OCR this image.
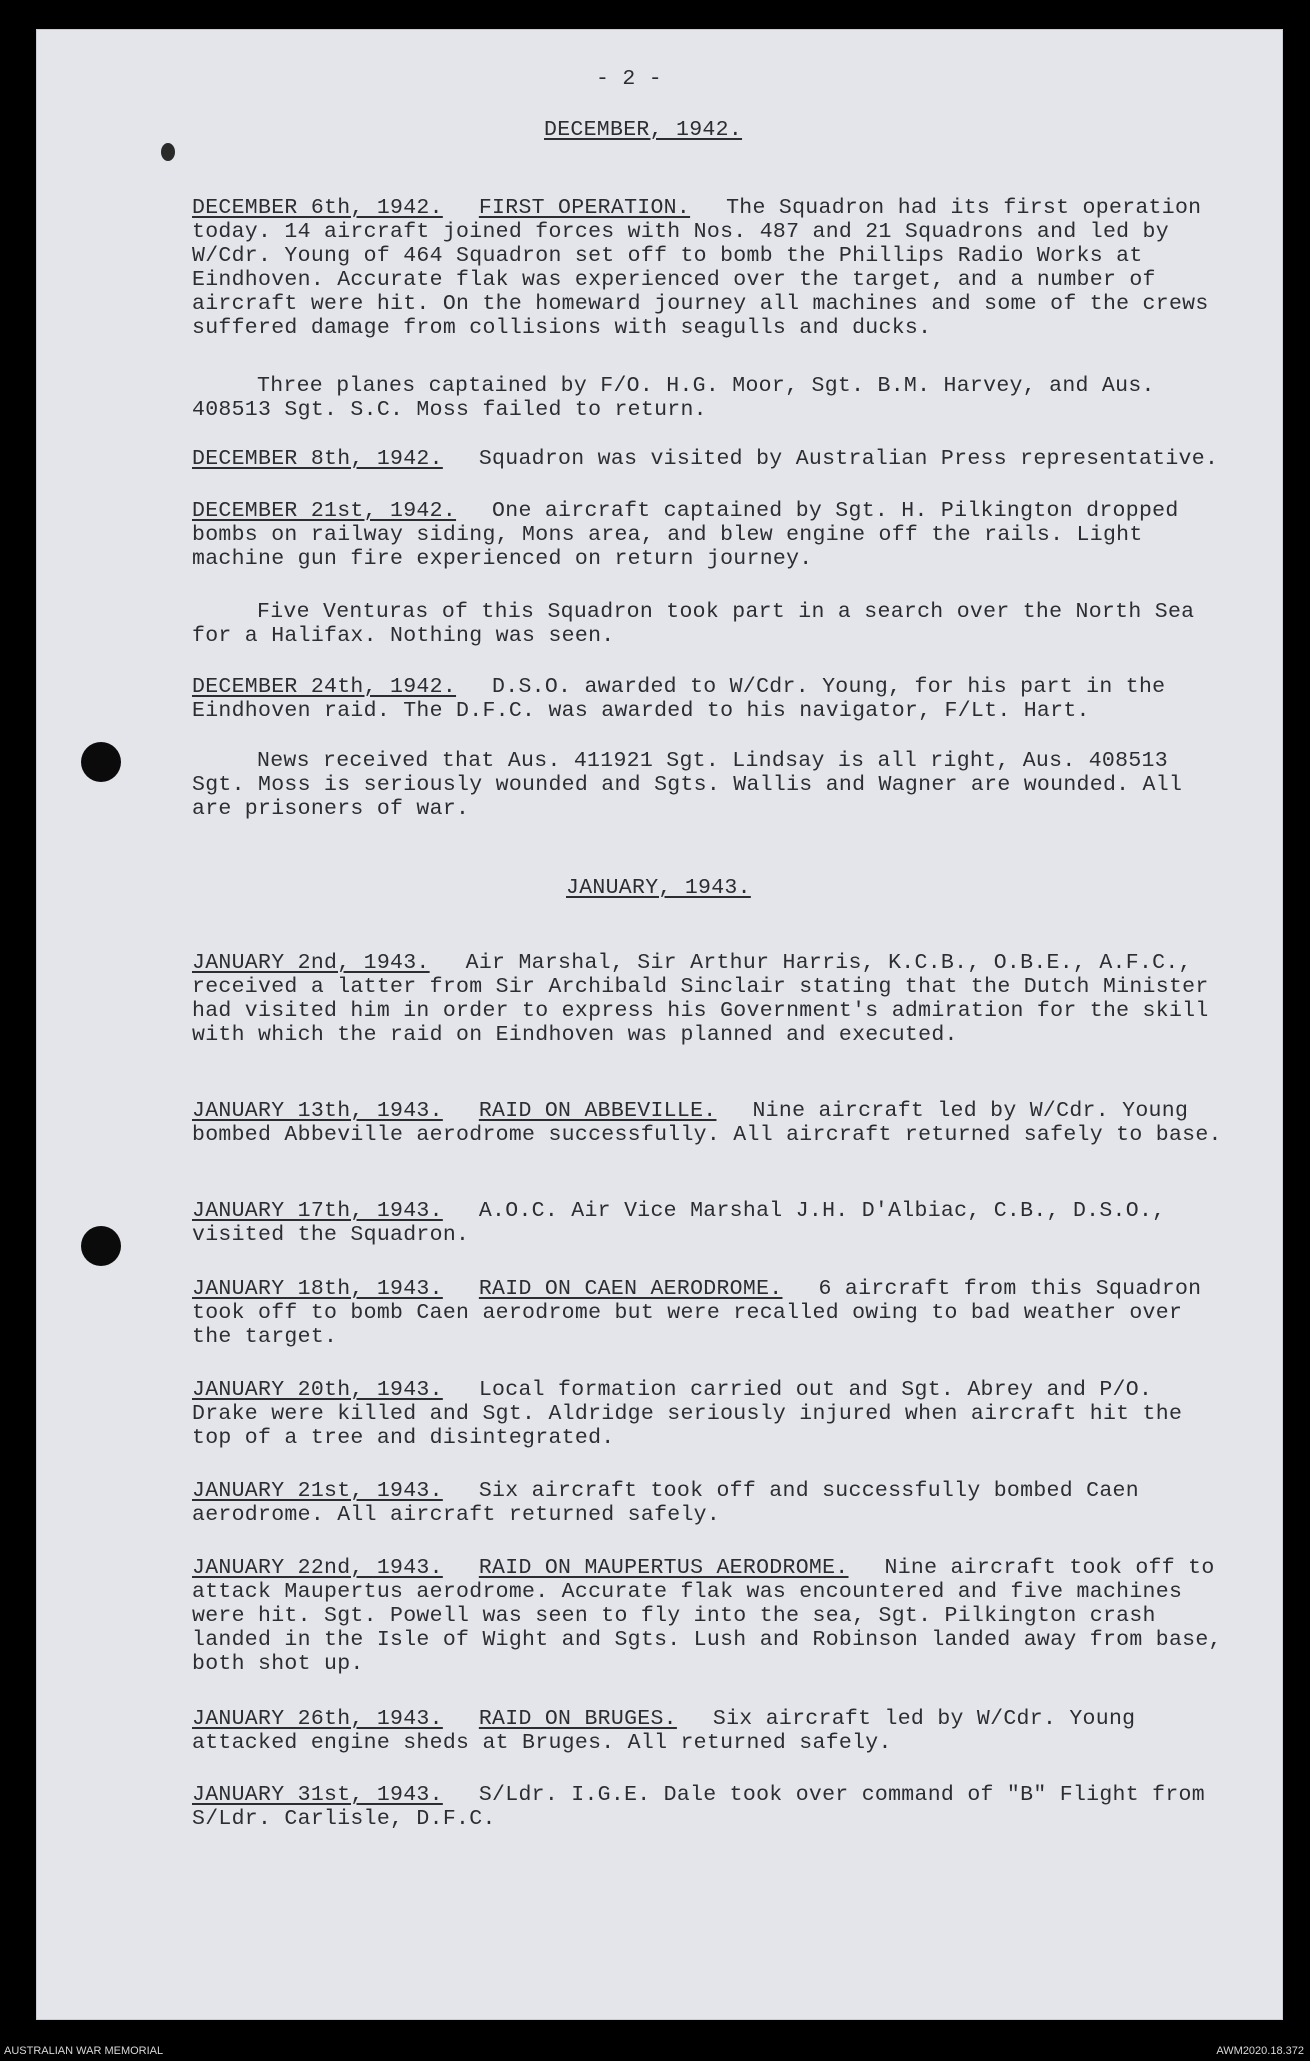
- 2 -
DECEMBER, 1942.

DECEMBER 6th, 1942. FIRST OPERATION. The Squadron had its first operation today. 14 aircraft joined forces with Nos. 487 and 21 Squadrons and led by W/Cdr. Young of 464 Squadron set off to bomb the Phillips Radio Works at Eindhoven. Accurate flak was experienced over the target, and a number of aircraft were hit. On the homeward journey all machines and some of the crews suffered damage from collisions with seagulls and ducks.

Three planes captained by F/O. H.G. Moor, Sgt. B.M. Harvey, and Aus. 408513 Sgt. S.C. Moss failed to return.

DECEMBER 8th, 1942. Squadron was visited by Australian Press representative.

DECEMBER 21st, 1942. One aircraft captained by Sgt. H. Pilkington dropped bombs on railway siding, Mons area, and blew engine off the rails. Light machine gun fire experienced on return journey.

Five Venturas of this Squadron took part in a search over the North Sea for a Halifax. Nothing was seen.

DECEMBER 24th, 1942. D.S.O. awarded to W/Cdr. Young, for his part in the Eindhoven raid. The D.F.C. was awarded to his navigator, F/Lt. Hart.

News received that Aus. 411921 Sgt. Lindsay is all right, Aus. 408513 Sgt. Moss is seriously wounded and Sgts. Wallis and Wagner are wounded. All are prisoners of war.

JANUARY, 1943.

JANUARY 2nd, 1943. Air Marshal, Sir Arthur Harris, K.C.B., O.B.E., A.F.C., received a latter from Sir Archibald Sinclair stating that the Dutch Minister had visited him in order to express his Government's admiration for the skill with which the raid on Eindhoven was planned and executed.

JANUARY 13th, 1943. RAID ON ABBEVILLE. Nine aircraft led by W/Cdr. Young bombed Abbeville aerodrome successfully. All aircraft returned safely to base.

JANUARY 17th, 1943. A.O.C. Air Vice Marshal J.H. D'Albiac, C.B., D.S.O., visited the Squadron.

JANUARY 18th, 1943. RAID ON CAEN AERODROME. 6 aircraft from this Squadron took off to bomb Caen aerodrome but were recalled owing to bad weather over the target.

JANUARY 20th, 1943. Local formation carried out and Sgt. Abrey and P/O. Drake were killed and Sgt. Aldridge seriously injured when aircraft hit the top of a tree and disintegrated.

JANUARY 21st, 1943. Six aircraft took off and successfully bombed Caen aerodrome. All aircraft returned safely.

JANUARY 22nd, 1943. RAID ON MAUPERTUS AERODROME. Nine aircraft took off to attack Maupertus aerodrome. Accurate flak was encountered and five machines were hit. Sgt. Powell was seen to fly into the sea, Sgt. Pilkington crash landed in the Isle of Wight and Sgts. Lush and Robinson landed away from base, both shot up.

JANUARY 26th, 1943. RAID ON BRUGES. Six aircraft led by W/Cdr. Young attacked engine sheds at Bruges. All returned safely.

JANUARY 31st, 1943. S/Ldr. I.G.E. Dale took over command of "B" Flight from S/Ldr. Carlisle, D.F.C.

AUSTRALIAN WAR MEMORIAL	AWM2020.18.372
